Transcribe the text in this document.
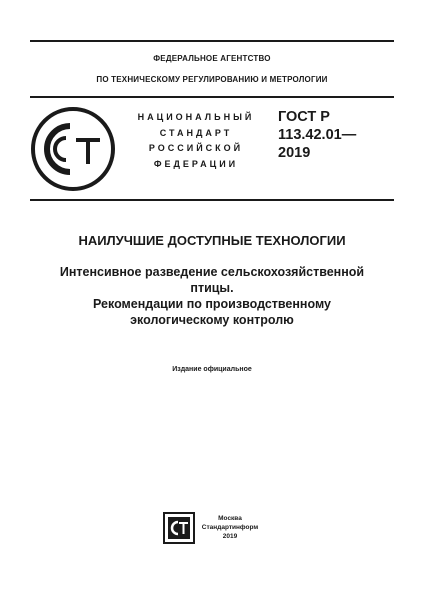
ФЕДЕРАЛЬНОЕ АГЕНТСТВО
ПО ТЕХНИЧЕСКОМУ РЕГУЛИРОВАНИЮ И МЕТРОЛОГИИ
РСТ
НАЦИОНАЛЬНЫЙ
СТАНДАРТ
РОССИЙСКОЙ
ФЕДЕРАЦИИ
ГОСТ Р
113.42.01—
2019
НАИЛУЧШИЕ ДОСТУПНЫЕ ТЕХНОЛОГИИ
Интенсивное разведение сельскохозяйственной
птицы.
Рекомендации по производственному
экологическому контролю
Издание официальное
СТ
Москва
Стандартинформ
2019
